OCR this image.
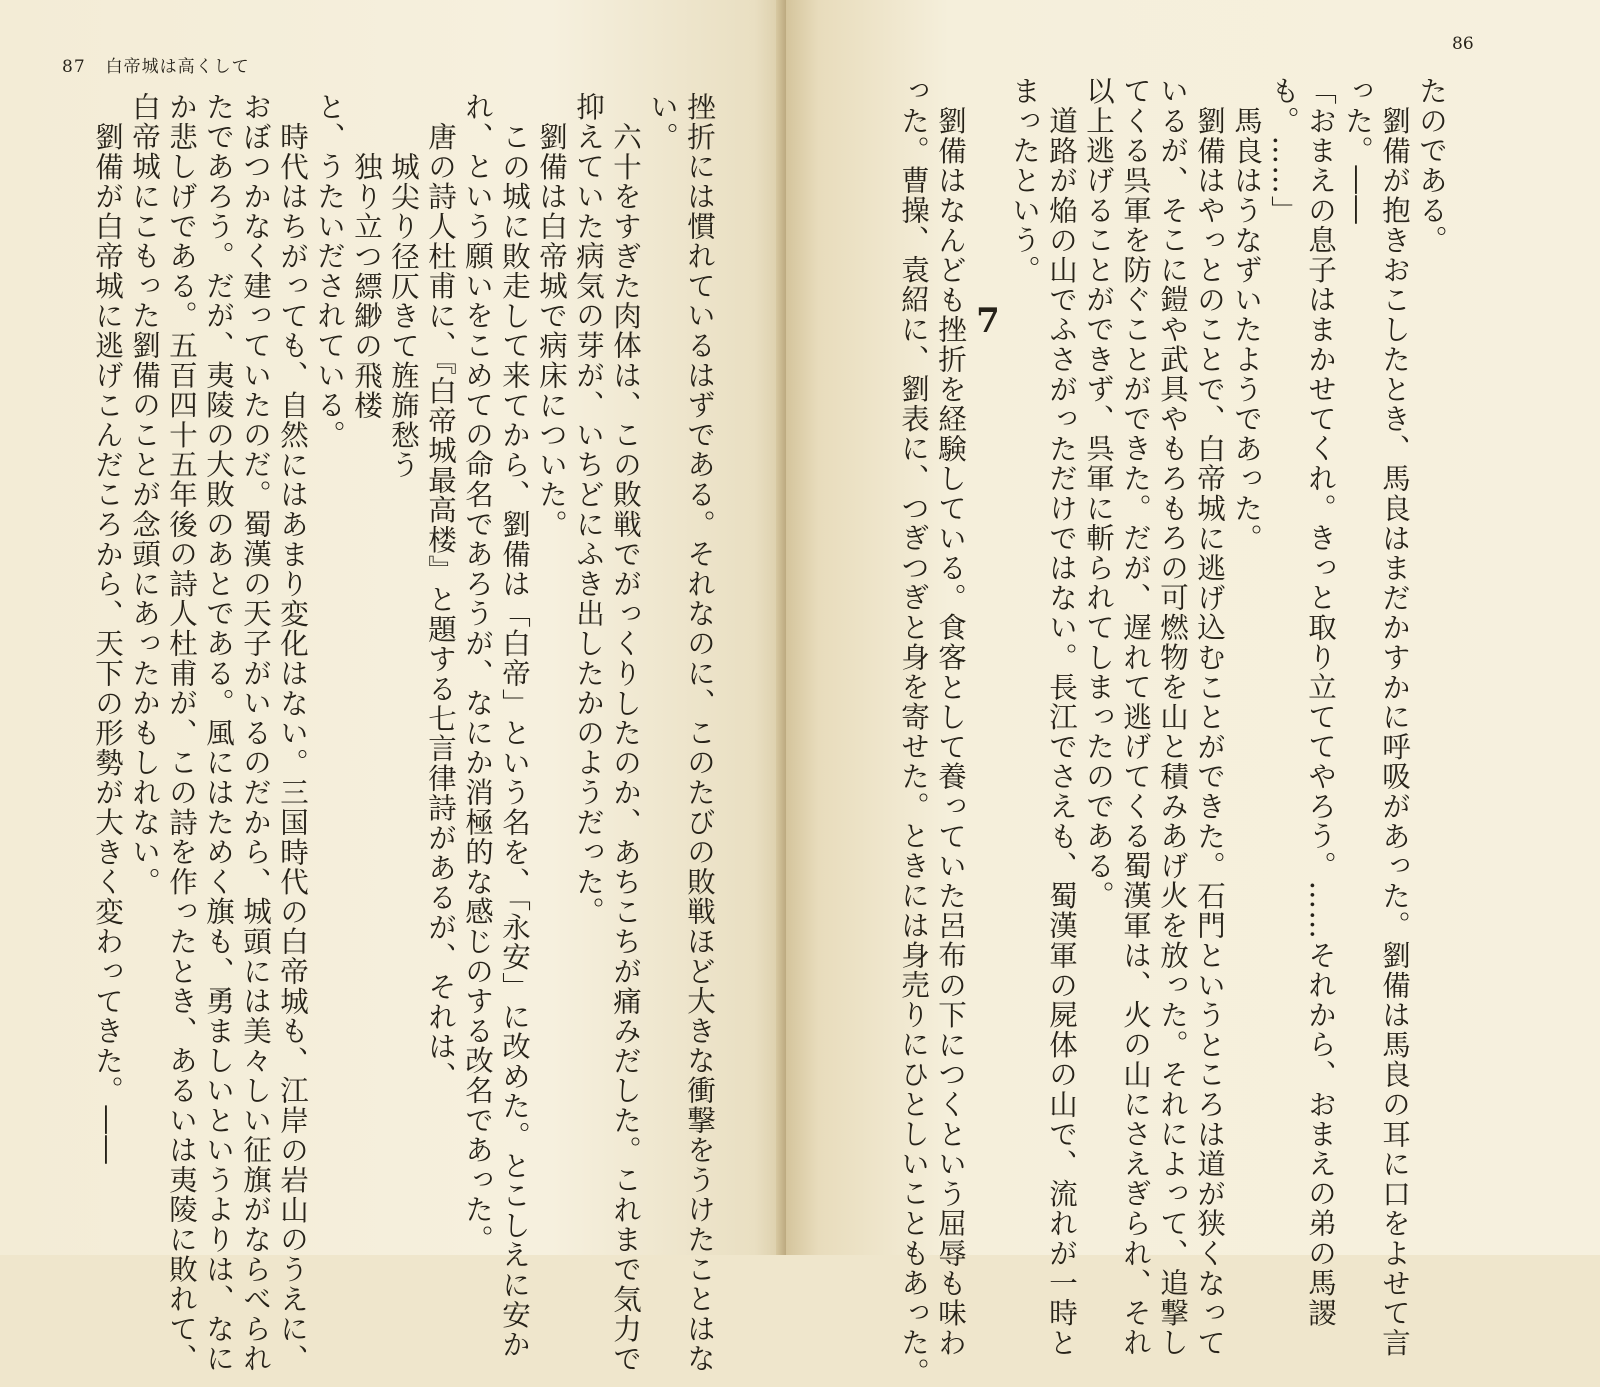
87 白帝城は高くして
挫折には慣れているはずである。それなのに、このたびの敗戦ほど大きな衝撃をうけたことはな
い。
六十をすぎた肉体は、この敗戦でがっくりしたのか、あちこちが痛みだした。これまで気力で
抑えていた病気の芽が、いちどにふき出したかのようだった。
劉備は白帝城で病床についた。
この城に敗走して来てから、劉備は「白帝」という名を、「永安」に改めた。とこしえに安か
れ、という願いをこめての命名であろうが、なにか消極的な感じのする改名であった。
唐の詩人杜甫に、『白帝城最高楼』と題する七言律詩があるが、それは、
城尖り径仄きて旌旆愁う
独り立つ縹緲の飛楼
と、うたいだされている。
時代はちがっても、自然にはあまり変化はない。三国時代の白帝城も、江岸の岩山のうえに、
おぼつかなく建っていたのだ。蜀漢の天子がいるのだから、城頭には美々しい征旗がならべられ
たであろう。だが、夷陵の大敗のあとである。風にはためく旗も、勇ましいというよりは、なに
か悲しげである。五百四十五年後の詩人杜甫が、この詩を作ったとき、あるいは夷陵に敗れて、
白帝城にこもった劉備のことが念頭にあったかもしれない。
劉備が白帝城に逃げこんだころから、天下の形勢が大きく変わってきた。――
86
たのである。
劉備が抱きおこしたとき、馬良はまだかすかに呼吸があった。劉備は馬良の耳に口をよせて言
った。――
「おまえの息子はまかせてくれ。きっと取り立ててやろう。……それから、おまえの弟の馬謖
も。……」
馬良はうなずいたようであった。
劉備はやっとのことで、白帝城に逃げ込むことができた。石門というところは道が狭くなって
いるが、そこに鎧や武具やもろもろの可燃物を山と積みあげ火を放った。それによって、追撃し
てくる呉軍を防ぐことができた。だが、遅れて逃げてくる蜀漢軍は、火の山にさえぎられ、それ
以上逃げることができず、呉軍に斬られてしまったのである。
道路が焔の山でふさがっただけではない。長江でさえも、蜀漢軍の屍体の山で、流れが一時と
まったという。
7
劉備はなんども挫折を経験している。食客として養っていた呂布の下につくという屈辱も味わ
った。曹操、袁紹に、劉表に、つぎつぎと身を寄せた。ときには身売りにひとしいこともあった。
